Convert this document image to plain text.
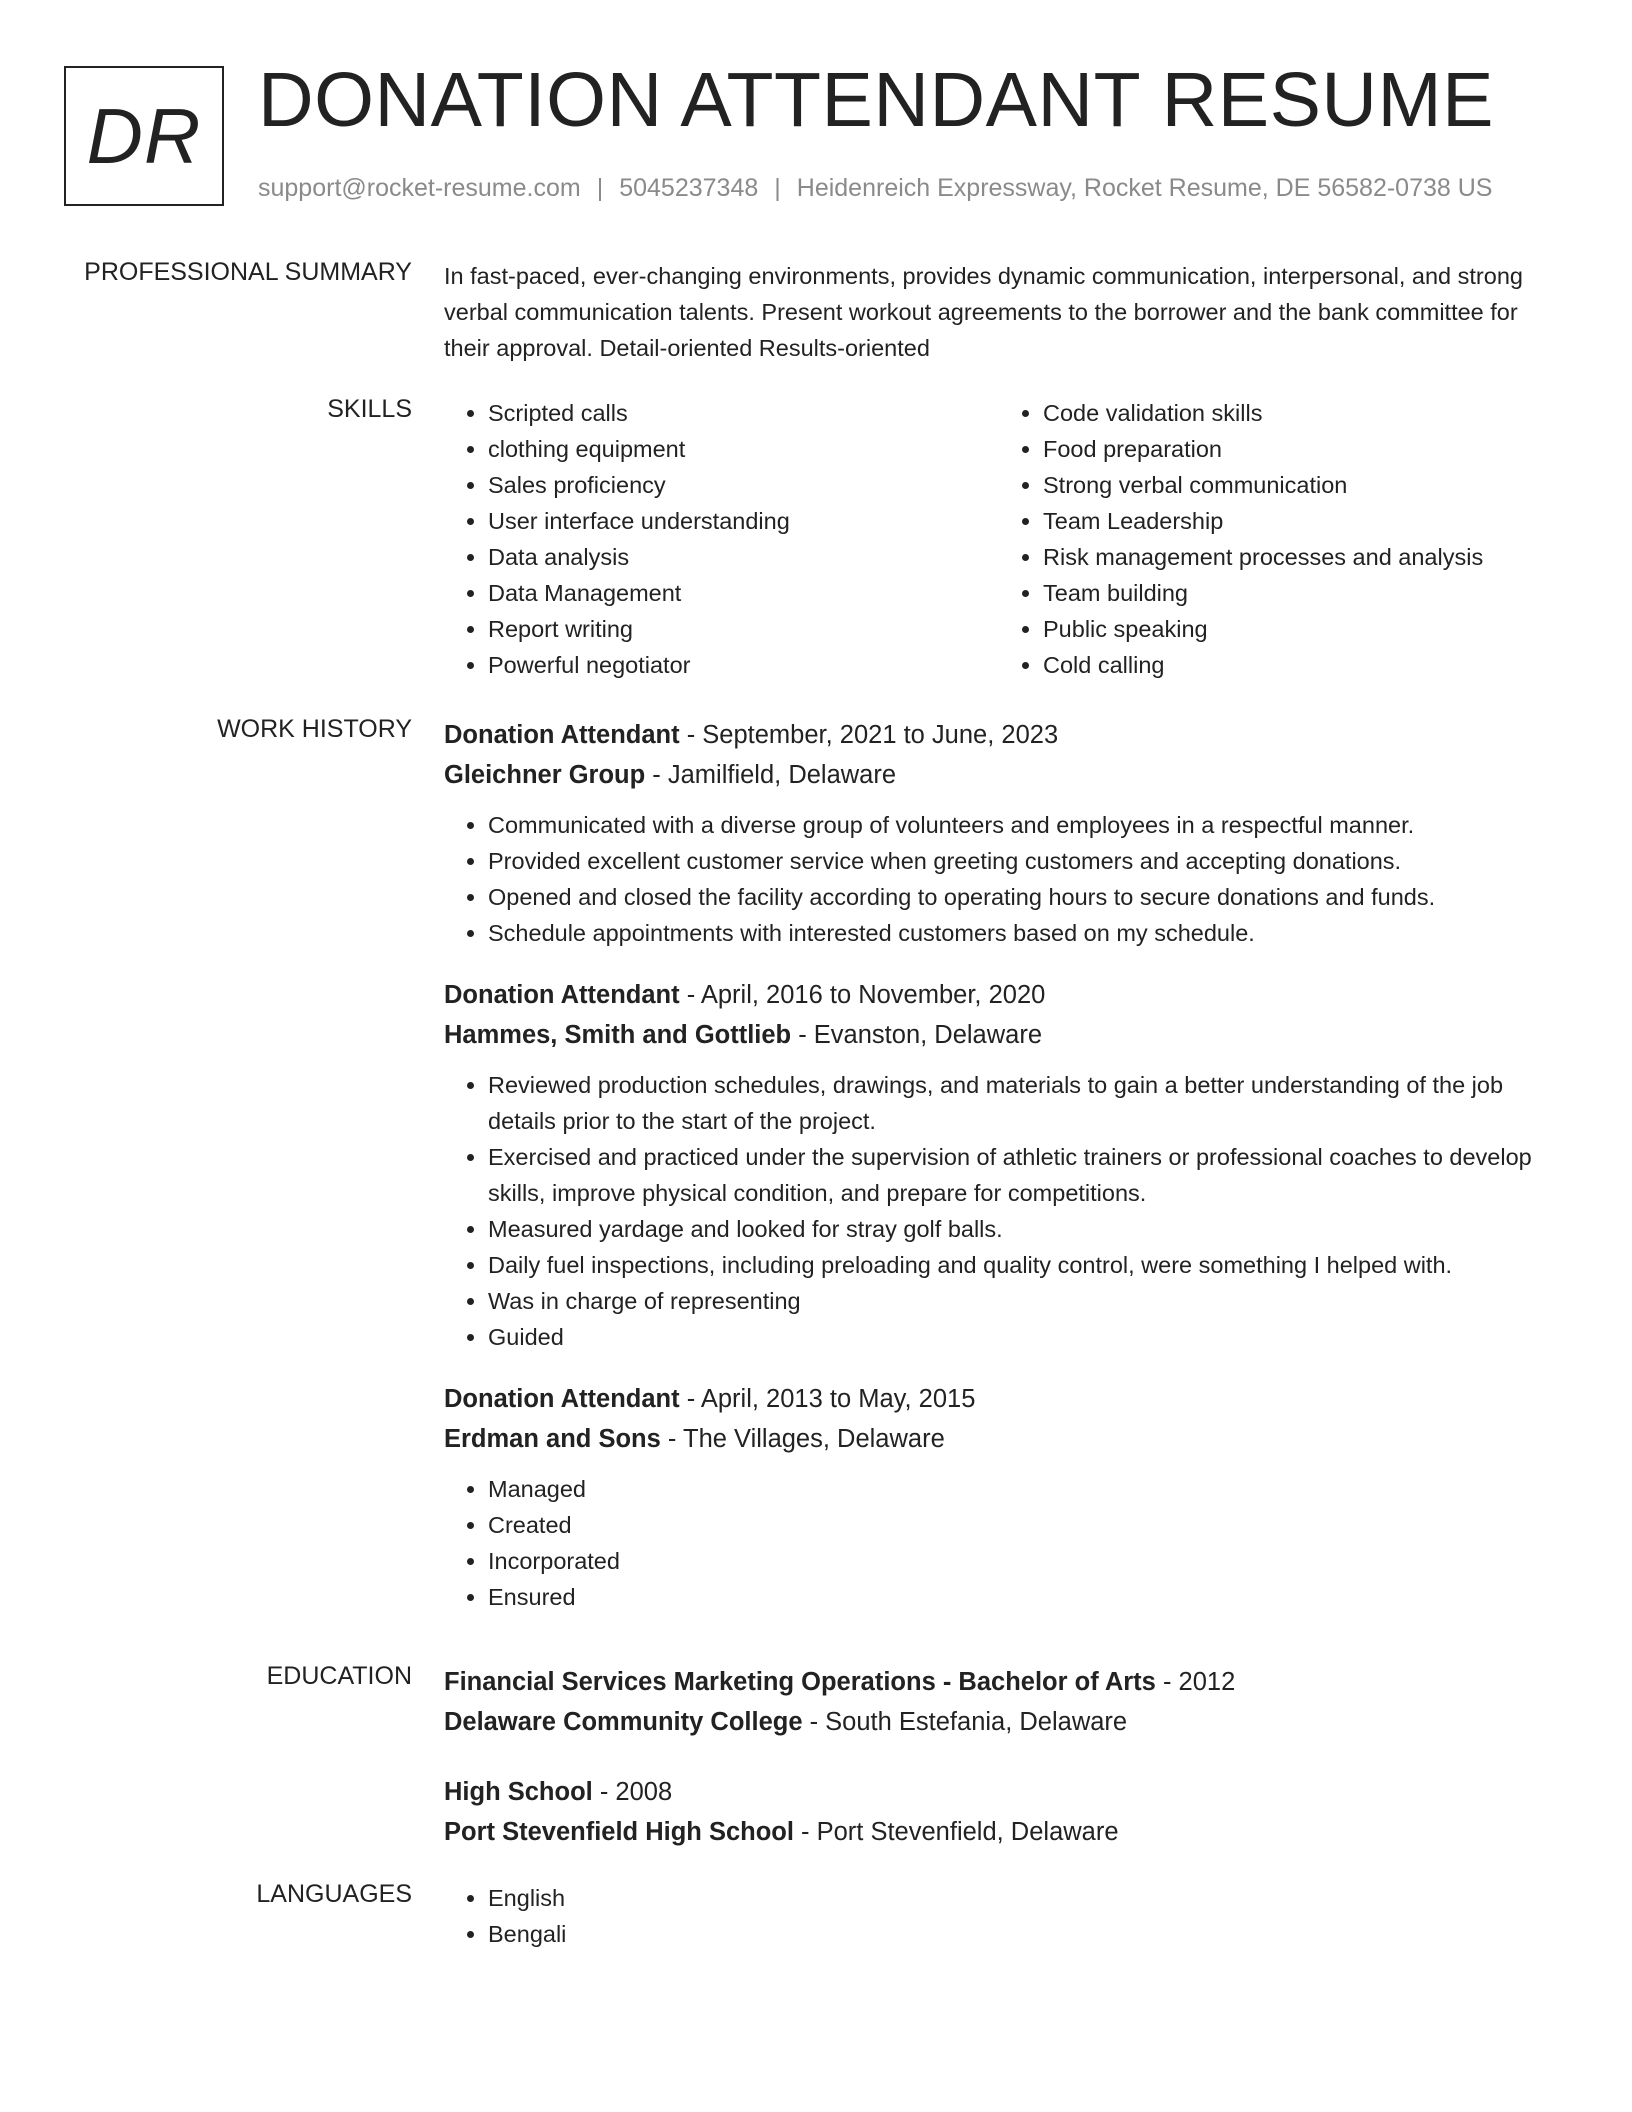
DR DONATION ATTENDANT RESUME
support@rocket-resume.com | 5045237348 | Heidenreich Expressway, Rocket Resume, DE 56582-0738 US
PROFESSIONAL SUMMARY In fast-paced, ever-changing environments, provides dynamic communication, interpersonal, and strong verbal communication talents. Present workout agreements to the borrower and the bank committee for their approval. Detail-oriented Results-oriented

SKILLS	• Scripted calls
• clothing equipment
• Sales proficiency
• User interface understanding
• Data analysis
• Data Management
• Report writing
• Powerful negotiator
• Code validation skills
• Food preparation
• Strong verbal communication
• Team Leadership
• Risk management processes and analysis
• Team building
• Public speaking
• Cold calling
WORK HISTORY Donation Attendant - September, 2021 to June, 2023
Gleichner Group - Jamilfield, Delaware
• Communicated with a diverse group of volunteers and employees in a respectful manner.
• Provided excellent customer service when greeting customers and accepting donations.
• Opened and closed the facility according to operating hours to secure donations and funds.
• Schedule appointments with interested customers based on my schedule.
Donation Attendant - April, 2016 to November, 2020
Hammes, Smith and Gottlieb - Evanston, Delaware
• Reviewed production schedules, drawings, and materials to gain a better understanding of the job details prior to the start of the project.
• Exercised and practiced under the supervision of athletic trainers or professional coaches to develop skills, improve physical condition, and prepare for competitions.
• Measured yardage and looked for stray golf balls.
• Daily fuel inspections, including preloading and quality control, were something I helped with.
• Was in charge of representing
• Guided
Donation Attendant - April, 2013 to May, 2015
Erdman and Sons - The Villages, Delaware
• Managed
• Created
• Incorporated
• Ensured
EDUCATION Financial Services Marketing Operations - Bachelor of Arts - 2012
Delaware Community College - South Estefania, Delaware
High School - 2008
Port Stevenfield High School - Port Stevenfield, Delaware
LANGUAGES	• English
• Bengali
